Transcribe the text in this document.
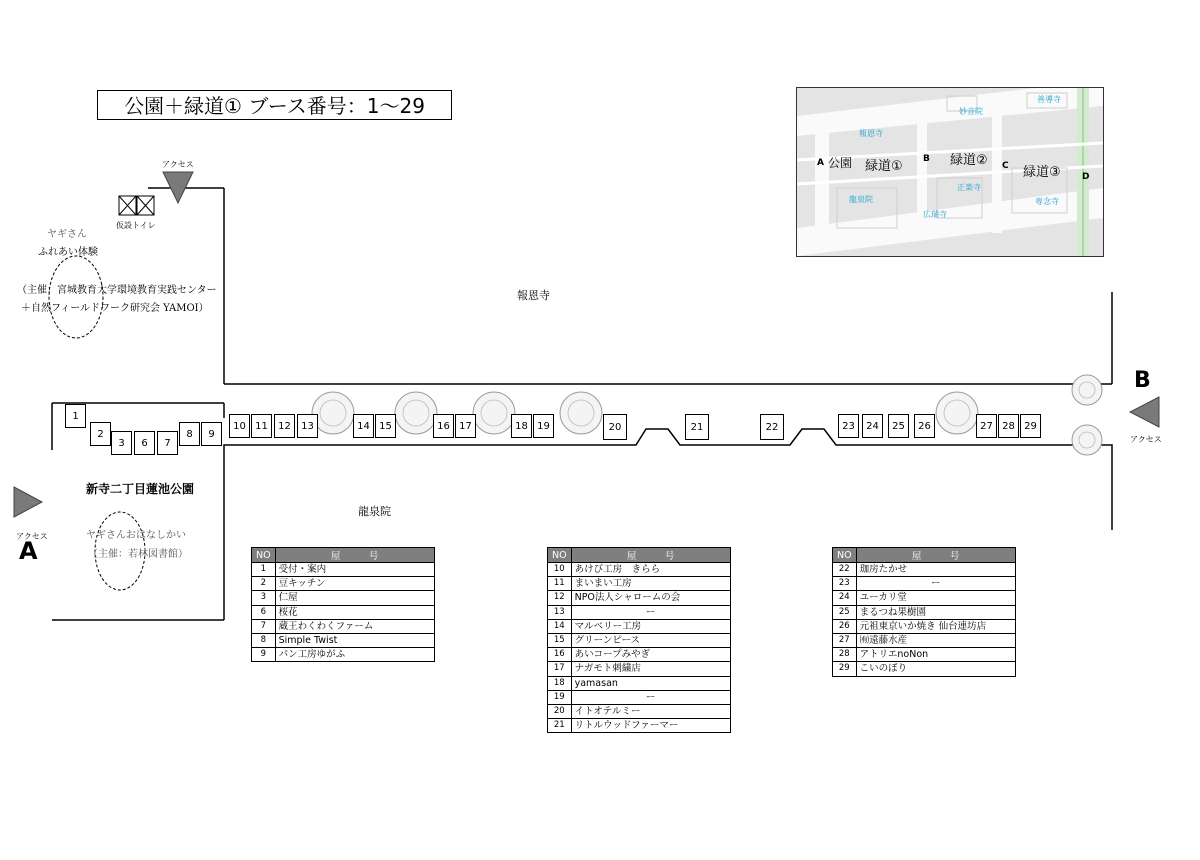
公園＋緑道① ブース番号：1〜29
アクセス
仮設トイレ
アクセス
A
アクセス
B
ヤギさん
ふれあい体験
（主催：宮城教育大学環境教育実践センター
＋自然フィールドワーク研究会 YAMOI）
ヤギさんおはなしかい
（主催：若林図書館）
新寺二丁目蓮池公園
報恩寺
龍泉院
1
2
3	6	7
8	9
10 11	12	13	14 15	16 17	18 19	20	21	22	23	24	25	26	27 28 29
A	B
C
D
公園 緑道①	緑道②
緑道③
報恩寺
龍泉院
正楽寺
広瑞寺
妙音院
善導寺
専念寺
NO	屋　　　号
1	受付・案内
2	豆キッチン
3	仁屋
6	桜花
7	蔵王わくわくファーム
8	Simple Twist
9	パン工房ゆがふ
NO	屋　　　号
10	あけび工房　きらら
11	まいまい工房
12	NPO法人シャロームの会
13	ー
14	マルベリー工房
15	グリーンピース
16	あいコープみやぎ
17	ナガモト刺繍店
18	yamasan
19	ー
20	イトオテルミー
21	リトルウッドファーマー
NO	屋　　　号
22	珈房たかせ
23	ー
24	ユーカリ堂
25	まるつね果樹園
26	元祖東京いか焼き 仙台連坊店
27	㈲遠藤水産
28	アトリエnoNon
29	こいのぼり
